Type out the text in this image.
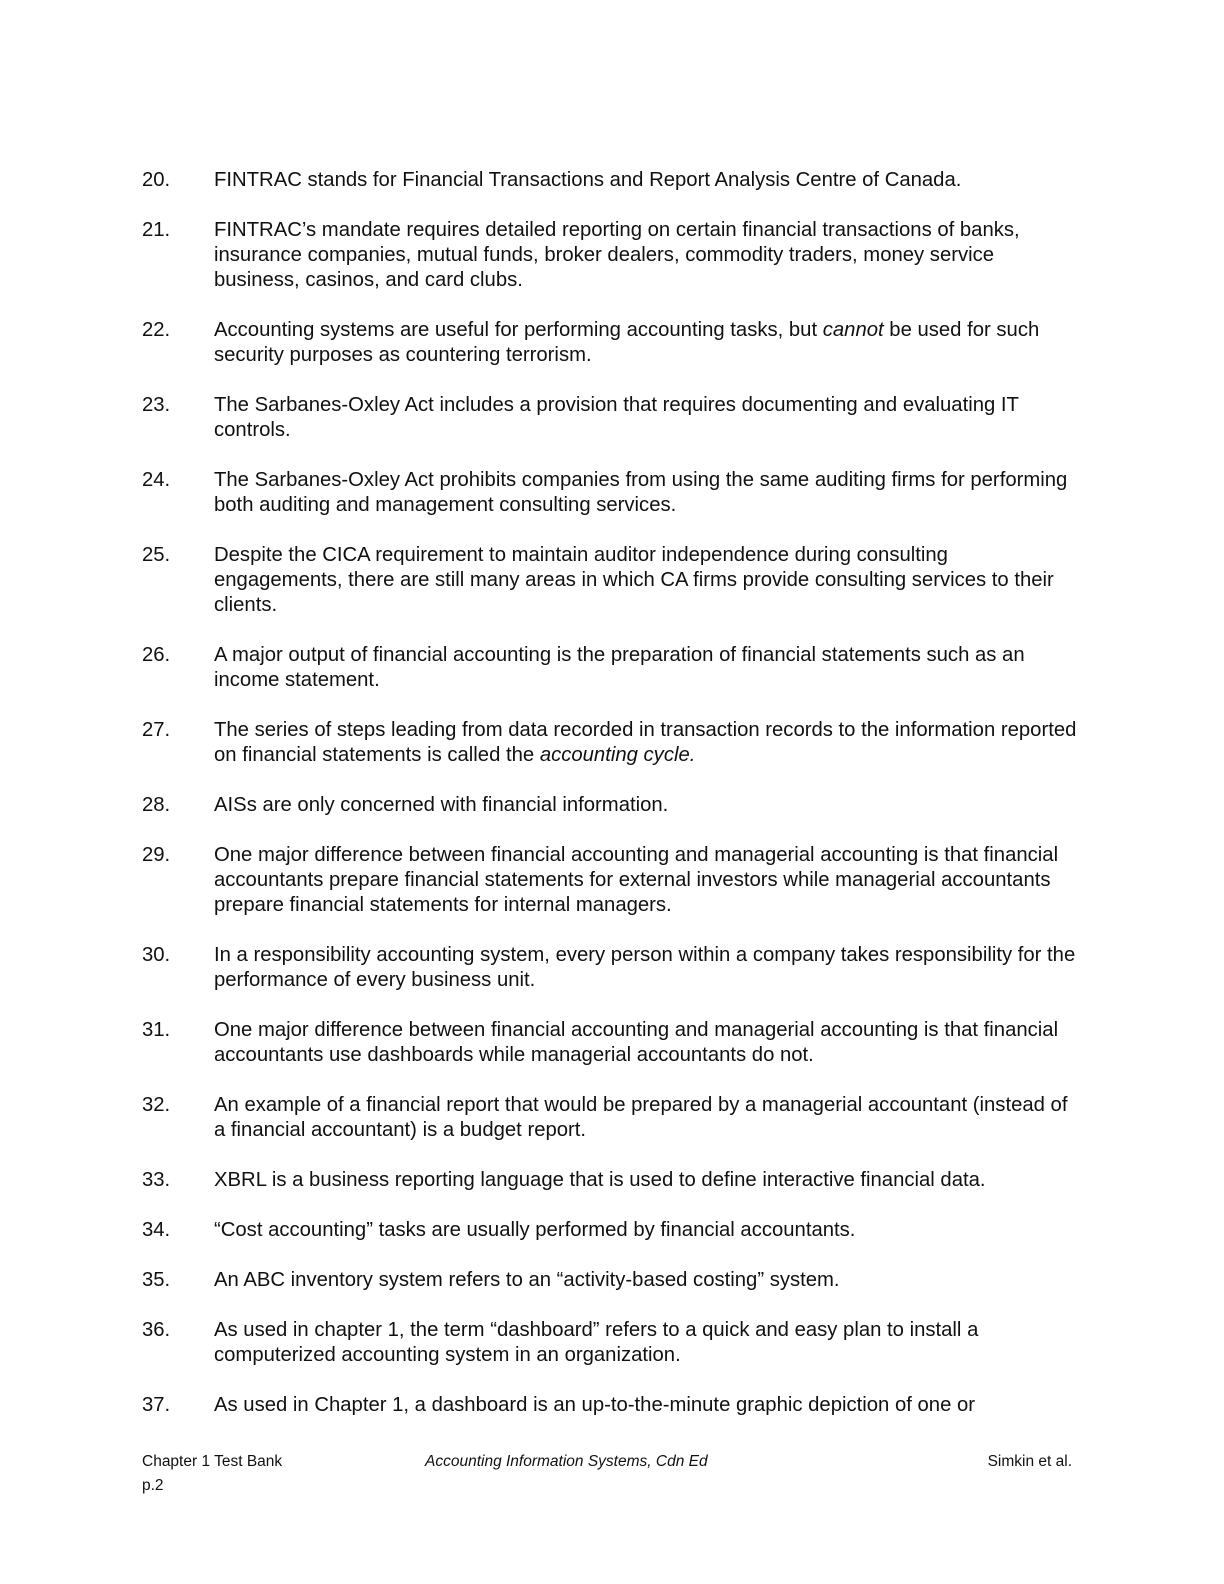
20.	FINTRAC stands for Financial Transactions and Report Analysis Centre of Canada.
21.	FINTRAC’s mandate requires detailed reporting on certain financial transactions of banks, insurance companies, mutual funds, broker dealers, commodity traders, money service business, casinos, and card clubs.
22.	Accounting systems are useful for performing accounting tasks, but cannot be used for such security purposes as countering terrorism.
23.	The Sarbanes-Oxley Act includes a provision that requires documenting and evaluating IT controls.
24.	The Sarbanes-Oxley Act prohibits companies from using the same auditing firms for performing both auditing and management consulting services.
25.	Despite the CICA requirement to maintain auditor independence during consulting engagements, there are still many areas in which CA firms provide consulting services to their clients.
26.	A major output of financial accounting is the preparation of financial statements such as an income statement.
27.	The series of steps leading from data recorded in transaction records to the information reported on financial statements is called the accounting cycle.
28.	AISs are only concerned with financial information.
29.	One major difference between financial accounting and managerial accounting is that financial accountants prepare financial statements for external investors while managerial accountants prepare financial statements for internal managers.
30.	In a responsibility accounting system, every person within a company takes responsibility for the performance of every business unit.
31.	One major difference between financial accounting and managerial accounting is that financial accountants use dashboards while managerial accountants do not.
32.	An example of a financial report that would be prepared by a managerial accountant (instead of a financial accountant) is a budget report.
33.	XBRL is a business reporting language that is used to define interactive financial data.
34.	“Cost accounting” tasks are usually performed by financial accountants.
35.	An ABC inventory system refers to an “activity-based costing” system.
36.	As used in chapter 1, the term “dashboard” refers to a quick and easy plan to install a computerized accounting system in an organization.
37.	As used in Chapter 1, a dashboard is an up-to-the-minute graphic depiction of one or
Chapter 1 Test Bank	Accounting Information Systems, Cdn Ed	Simkin et al.
p.2
